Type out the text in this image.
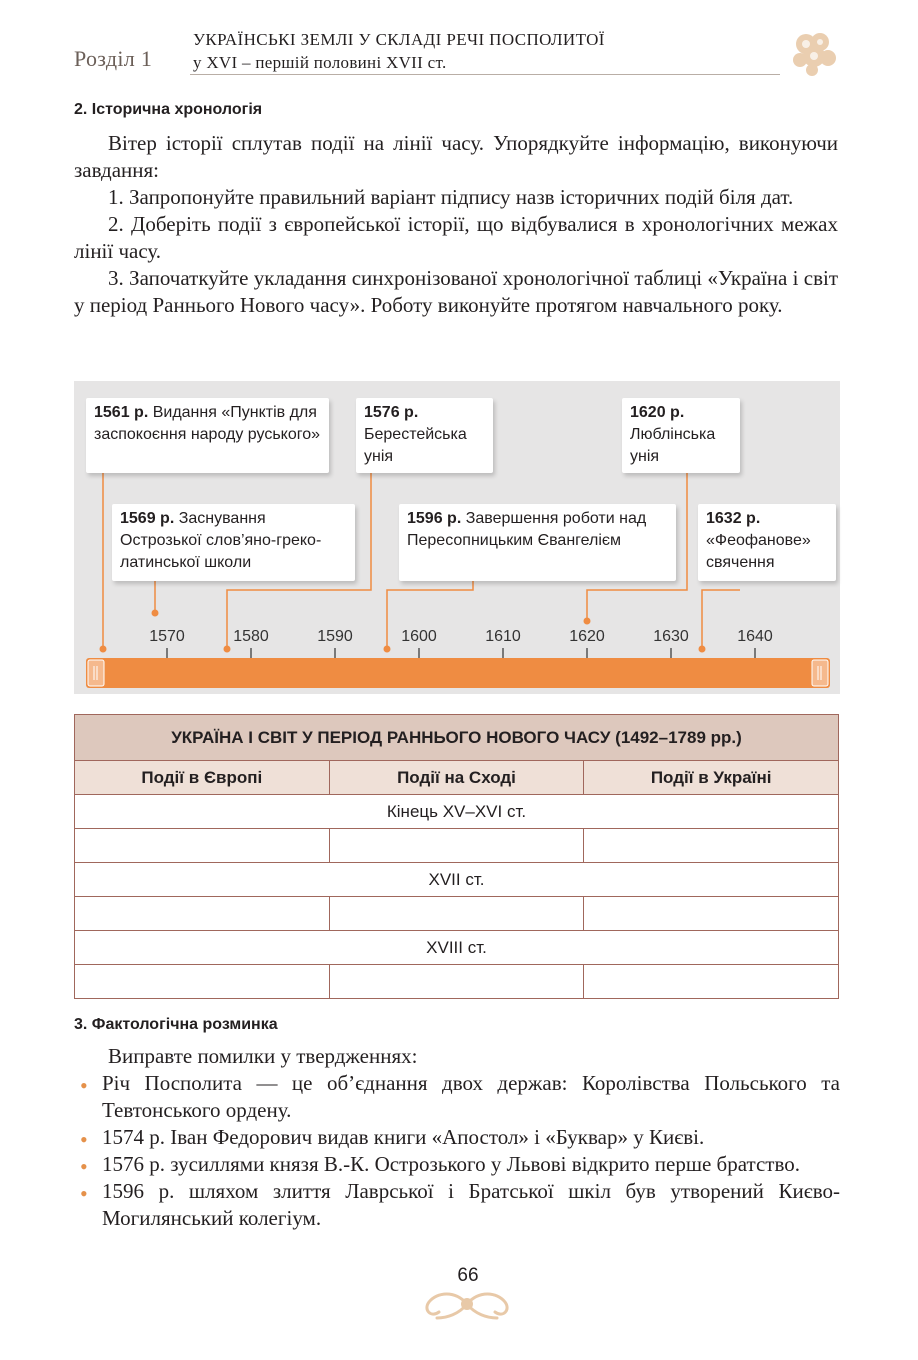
Розділ 1
УКРАЇНСЬКІ ЗЕМЛІ У СКЛАДІ РЕЧІ ПОСПОЛИТОЇ
у XVI – першій половині XVII ст.
2. Історична хронологія

Вітер історії сплутав події на лінії часу. Упорядкуйте інформацію, виконуючи завдання:

1. Запропонуйте правильний варіант підпису назв історичних подій біля дат.

2. Доберіть події з європейської історії, що відбувалися в хронологічних межах лінії часу.

3. Започаткуйте укладання синхронізованої хронологічної таблиці «Україна і світ у період Раннього Нового часу». Роботу виконуйте протягом навчального року.

1561 р. Видання «Пунктів для заспокоєння народу руського»
1576 р. Берестейська унія
1620 р. Люблінська унія
1569 р. Заснування Острозької слов’яно-греко-латинської школи
1596 р. Завершення роботи над Пересопницьким Євангелієм
1632 р. «Феофанове» свячення
1570	1580	1590	1600	1610	1620	1630	1640
УКРАЇНА І СВІТ У ПЕРІОД РАННЬОГО НОВОГО ЧАСУ (1492–1789 рр.)		
Події в Європі	Події на Сході	Події в Україні
Кінець XV–XVI ст.		

XVII ст.		

XVIII ст.		

3. Фактологічна розминка

Виправте помилки у твердженнях:

• Річ Посполита — це об’єднання двох держав: Королівства Польського та Тевтонського ордену.
• 1574 р. Іван Федорович видав книги «Апостол» і «Буквар» у Києві.
• 1576 р. зусиллями князя В.-К. Острозького у Львові відкрито перше братство.
• 1596 р. шляхом злиття Лаврської і Братської шкіл був утворений Києво-Могилянський колегіум.
66
